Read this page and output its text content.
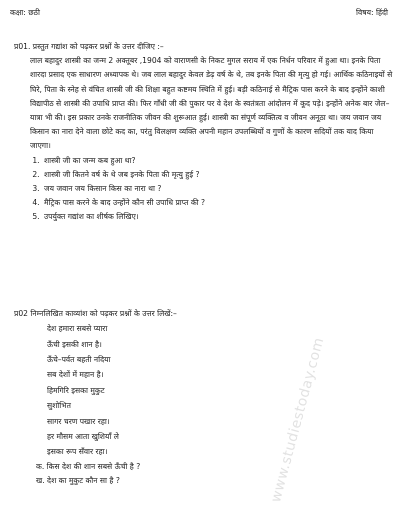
कक्षा: छठी	विषय: हिंदी
www.studiestoday.com
प्र01. प्रस्तुत गद्यांश को पढ़कर प्रश्नों के उत्तर दीजिए :–

लाल बहादुर शास्त्री का जन्म 2 अक्तूबर ,1904 को वाराणसी के निकट मुगल सराय में एक निर्धन परिवार में हुआ था। इनके पिता शारदा प्रसाद एक साधारण अध्यापक थे। जब लाल बहादुर केवल डेढ़ वर्ष के थे, तब इनके पिता की मृत्यु हो गई। आर्थिक कठिनाइयों से घिरे, पिता के स्नेह से वंचित शास्त्री जी की शिक्षा बहुत कष्टमय स्थिति में हुई। बड़ी कठिनाई से मैट्रिक पास करने के बाद इन्होंने काशी विद्यापीठ से शास्त्री की उपाधि प्राप्त की। फिर गाँधी जी की पुकार पर वे देश के स्वतंत्रता आंदोलन में कूद पड़े। इन्होंने अनेक बार जेल–यात्रा भी की। इस प्रकार उनके राजनीतिक जीवन की शुरूआत हुई। शास्त्री का संपूर्ण व्यक्तित्व व जीवन अनूठा था। जय जवान जय किसान का नारा देने वाला छोटे कद का, परंतु विलक्षण व्यक्ति अपनी महान उपलब्धियों व गुणों के कारण सदियों तक याद किया जाएगा।

1. शास्त्री जी का जन्म कब हुआ था?
2. शास्त्री जी कितने वर्ष के थे जब इनके पिता की मृत्यु हुई ?
3. जय जवान जय किसान किस का नारा था ?
4. मैट्रिक पास करने के बाद उन्होंने कौन सी उपाधि प्राप्त की ?
5. उपर्युक्त गद्यांश का शीर्षक लिखिए।
प्र02 निम्नलिखित काव्यांश को पढ़कर प्रश्नों के उत्तर लिखें:–
देश हमारा सबसे प्यारा
ऊँची इसकी शान है।
ऊँचे–पर्वत बहती नदिया
सब देशों में महान है।
हिमगिरि इसका मुकुट
सुशोभित
सागर चरण पखार रहा।
हर मौसम आता खुशियाँ ले
इसका रूप सँवार रहा।
क. किस देश की शान सबसे ऊँची है ?
ख. देश का मुकुट कौन सा है ?
